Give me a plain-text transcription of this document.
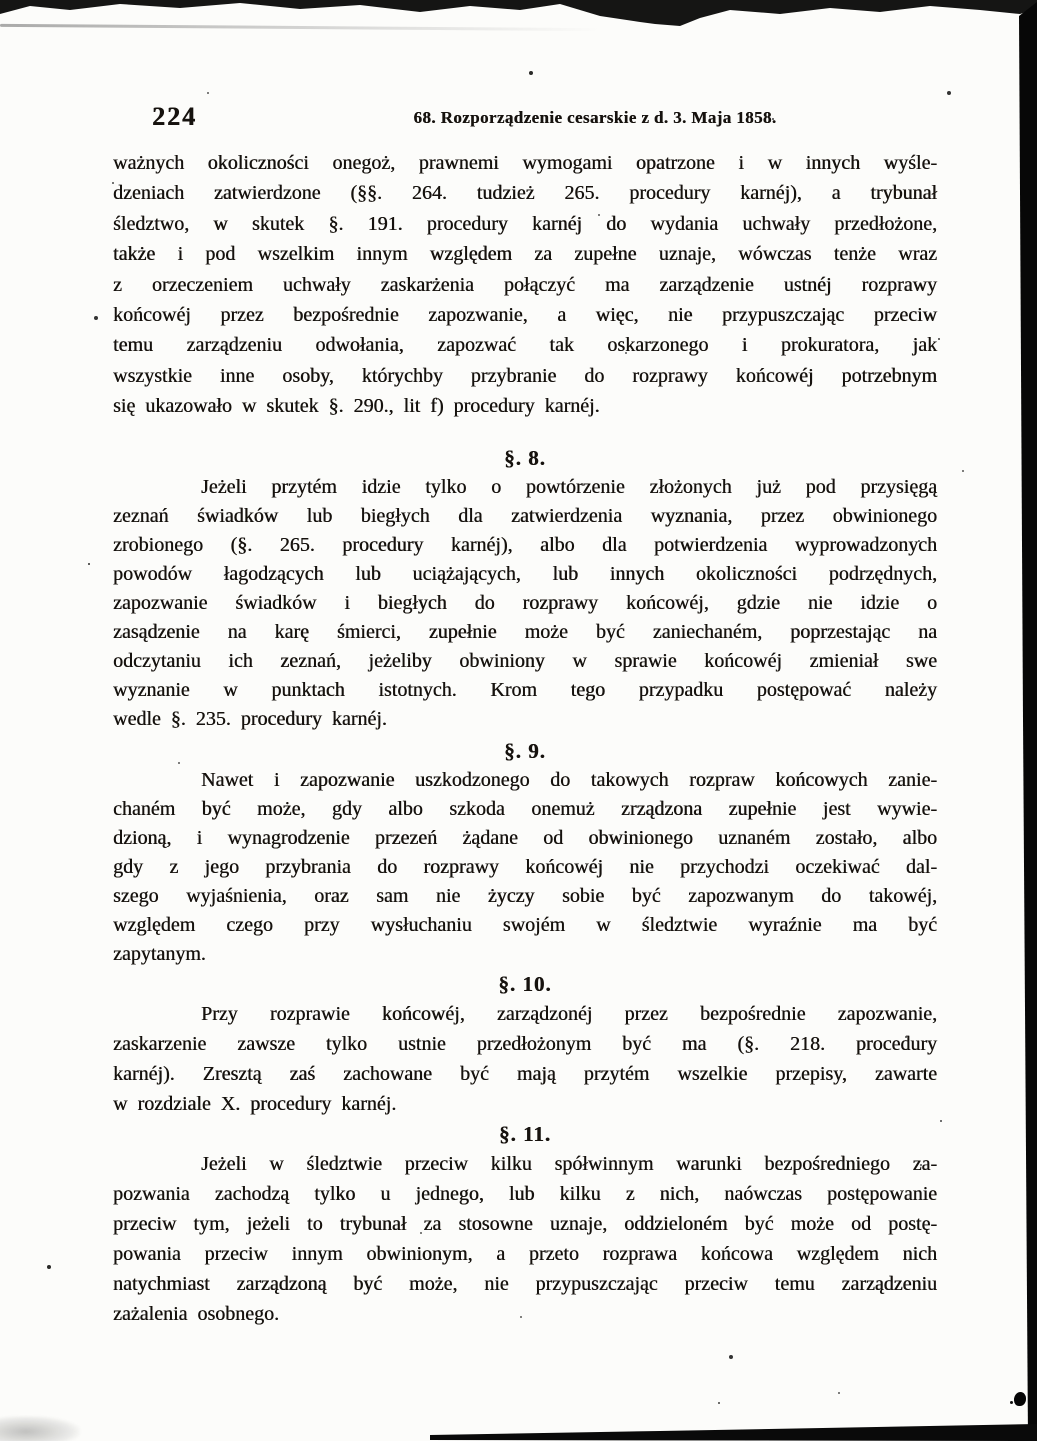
224	68. Rozporządzenie cesarskie z d. 3. Maja 1858.
ważnych okoliczności onegoż, prawnemi wymogami opatrzone i w innych wyśle-
dzeniach zatwierdzone (§§. 264. tudzież 265. procedury karnéj), a trybunał
śledztwo, w skutek §. 191. procedury karnéj do wydania uchwały przedłożone,
także i pod wszelkim innym względem za zupełne uznaje, wówczas tenże wraz
z orzeczeniem uchwały zaskarżenia połączyć ma zarządzenie ustnéj rozprawy
końcowéj przez bezpośrednie zapozwanie, a więc, nie przypuszczając przeciw
temu zarządzeniu odwołania, zapozwać tak oskarzonego i prokuratora, jak
wszystkie inne osoby, którychby przybranie do rozprawy końcowéj potrzebnym
się ukazowało w skutek §. 290., lit f) procedury karnéj.
§. 8.
Jeżeli przytém idzie tylko o powtórzenie złożonych już pod przysięgą
zeznań świadków lub biegłych dla zatwierdzenia wyznania, przez obwinionego
zrobionego (§. 265. procedury karnéj), albo dla potwierdzenia wyprowadzonych
powodów łagodzących lub uciążających, lub innych okoliczności podrzędnych,
zapozwanie świadków i biegłych do rozprawy końcowéj, gdzie nie idzie o
zasądzenie na karę śmierci, zupełnie może być zaniechaném, poprzestając na
odczytaniu ich zeznań, jeżeliby obwiniony w sprawie końcowéj zmieniał swe
wyznanie w punktach istotnych. Krom tego przypadku postępować należy
wedle §. 235. procedury karnéj.
§. 9.
Nawet i zapozwanie uszkodzonego do takowych rozpraw końcowych zanie-
chaném być może, gdy albo szkoda onemuż zrządzona zupełnie jest wywie-
dzioną, i wynagrodzenie przezeń żądane od obwinionego uznaném zostało, albo
gdy z jego przybrania do rozprawy końcowéj nie przychodzi oczekiwać dal-
szego wyjaśnienia, oraz sam nie życzy sobie być zapozwanym do takowéj,
względem czego przy wysłuchaniu swojém w śledztwie wyraźnie ma być
zapytanym.
§. 10.
Przy rozprawie końcowéj, zarządzonéj przez bezpośrednie zapozwanie,
zaskarzenie zawsze tylko ustnie przedłożonym być ma (§. 218. procedury
karnéj). Zresztą zaś zachowane być mają przytém wszelkie przepisy, zawarte
w rozdziale X. procedury karnéj.
§. 11.
Jeżeli w śledztwie przeciw kilku spółwinnym warunki bezpośredniego za-
pozwania zachodzą tylko u jednego, lub kilku z nich, naówczas postępowanie
przeciw tym, jeżeli to trybunał za stosowne uznaje, oddzieloném być może od postę-
powania przeciw innym obwinionym, a przeto rozprawa końcowa względem nich
natychmiast zarządzoną być może, nie przypuszczając przeciw temu zarządzeniu
zażalenia osobnego.
